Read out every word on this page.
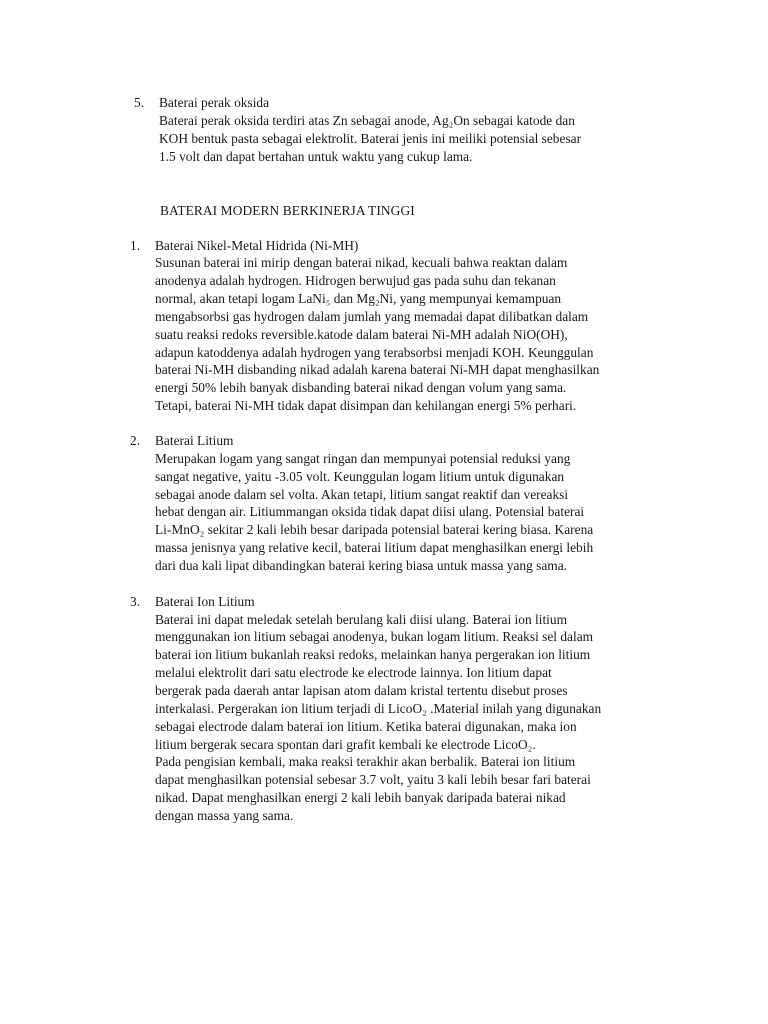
5. Baterai perak oksida
Baterai perak oksida terdiri atas Zn sebagai anode, Ag₂On sebagai katode dan
KOH bentuk pasta sebagai elektrolit. Baterai jenis ini meiliki potensial sebesar
1.5 volt dan dapat bertahan untuk waktu yang cukup lama.
BATERAI MODERN BERKINERJA TINGGI
1. Baterai Nikel-Metal Hidrida (Ni-MH)
Susunan baterai ini mirip dengan baterai nikad, kecuali bahwa reaktan dalam
anodenya adalah hydrogen. Hidrogen berwujud gas pada suhu dan tekanan
normal, akan tetapi logam LaNi₅ dan Mg₂Ni, yang mempunyai kemampuan
mengabsorbsi gas hydrogen dalam jumlah yang memadai dapat dilibatkan dalam
suatu reaksi redoks reversible.katode dalam baterai Ni-MH adalah NiO(OH),
adapun katoddenya adalah hydrogen yang terabsorbsi menjadi KOH. Keunggulan
baterai Ni-MH disbanding nikad adalah karena baterai Ni-MH dapat menghasilkan
energi 50% lebih banyak disbanding baterai nikad dengan volum yang sama.
Tetapi, baterai Ni-MH tidak dapat disimpan dan kehilangan energi 5% perhari.
2. Baterai Litium
Merupakan logam yang sangat ringan dan mempunyai potensial reduksi yang
sangat negative, yaitu -3.05 volt. Keunggulan logam litium untuk digunakan
sebagai anode dalam sel volta. Akan tetapi, litium sangat reaktif dan vereaksi
hebat dengan air. Litiummangan oksida tidak dapat diisi ulang. Potensial baterai
Li-MnO₂ sekitar 2 kali lebih besar daripada potensial baterai kering biasa. Karena
massa jenisnya yang relative kecil, baterai litium dapat menghasilkan energi lebih
dari dua kali lipat dibandingkan baterai kering biasa untuk massa yang sama.
3. Baterai Ion Litium
Baterai ini dapat meledak setelah berulang kali diisi ulang. Baterai ion litium
menggunakan ion litium sebagai anodenya, bukan logam litium. Reaksi sel dalam
baterai ion litium bukanlah reaksi redoks, melainkan hanya pergerakan ion litium
melalui elektrolit dari satu electrode ke electrode lainnya. Ion litium dapat
bergerak pada daerah antar lapisan atom dalam kristal tertentu disebut proses
interkalasi. Pergerakan ion litium terjadi di LicoO₂ .Material inilah yang digunakan
sebagai electrode dalam baterai ion litium. Ketika baterai digunakan, maka ion
litium bergerak secara spontan dari grafit kembali ke electrode LicoO₂.
Pada pengisian kembali, maka reaksi terakhir akan berbalik. Baterai ion litium
dapat menghasilkan potensial sebesar 3.7 volt, yaitu 3 kali lebih besar fari baterai
nikad. Dapat menghasilkan energi 2 kali lebih banyak daripada baterai nikad
dengan massa yang sama.
